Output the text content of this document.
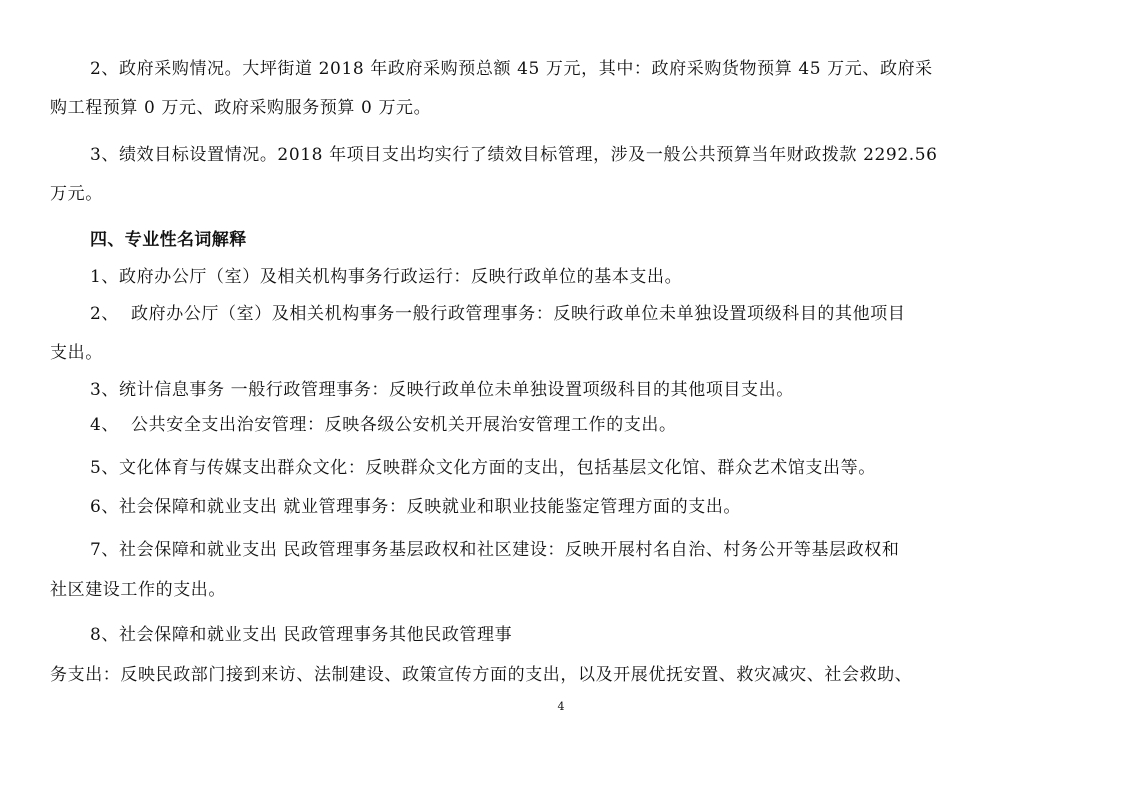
2、政府采购情况。大坪街道 2018 年政府采购预总额 45 万元，其中：政府采购货物预算 45 万元、政府采
购工程预算 0 万元、政府采购服务预算 0 万元。
3、绩效目标设置情况。2018 年项目支出均实行了绩效目标管理，涉及一般公共预算当年财政拨款 2292.56
万元。
四、专业性名词解释
1、政府办公厅（室）及相关机构事务行政运行：反映行政单位的基本支出。
2、  政府办公厅（室）及相关机构事务一般行政管理事务：反映行政单位未单独设置项级科目的其他项目
支出。
3、统计信息事务 一般行政管理事务：反映行政单位未单独设置项级科目的其他项目支出。
4、  公共安全支出治安管理：反映各级公安机关开展治安管理工作的支出。
5、文化体育与传媒支出群众文化：反映群众文化方面的支出，包括基层文化馆、群众艺术馆支出等。
6、社会保障和就业支出 就业管理事务：反映就业和职业技能鉴定管理方面的支出。
7、社会保障和就业支出 民政管理事务基层政权和社区建设：反映开展村名自治、村务公开等基层政权和
社区建设工作的支出。
8、社会保障和就业支出 民政管理事务其他民政管理事
务支出：反映民政部门接到来访、法制建设、政策宣传方面的支出，以及开展优抚安置、救灾减灾、社会救助、
4
